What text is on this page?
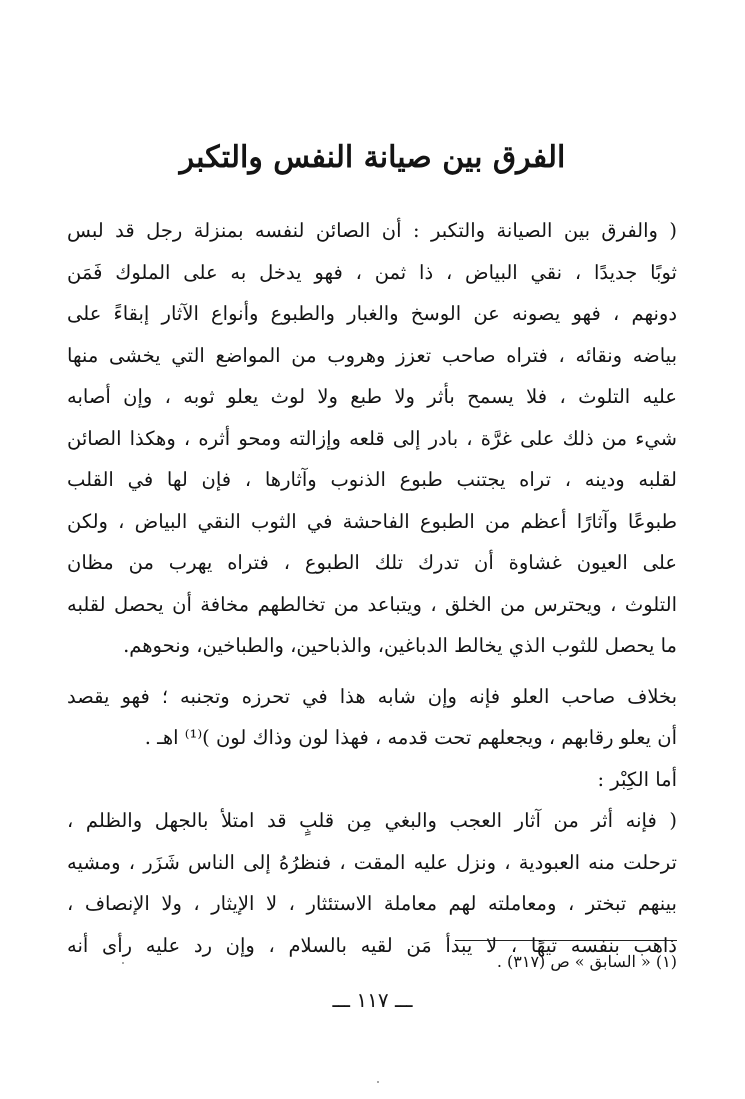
الفرق بين صيانة النفس والتكبر
( والفرق بين الصيانة والتكبر : أن الصائن لنفسه بمنزلة رجل قد لبس
ثوبًا جديدًا ، نقي البياض ، ذا ثمن ، فهو يدخل به على الملوك فَمَن
دونهم ، فهو يصونه عن الوسخ والغبار والطبوع وأنواع الآثار إبقاءً على
بياضه ونقائه ، فتراه صاحب تعزز وهروب من المواضع التي يخشى منها
عليه التلوث ، فلا يسمح بأثر ولا طبع ولا لوث يعلو ثوبه ، وإن أصابه
شيء من ذلك على غرَّة ، بادر إلى قلعه وإزالته ومحو أثره ، وهكذا الصائن
لقلبه ودينه ، تراه يجتنب طبوع الذنوب وآثارها ، فإن لها في القلب
طبوعًا وآثارًا أعظم من الطبوع الفاحشة في الثوب النقي البياض ، ولكن
على العيون غشاوة أن تدرك تلك الطبوع ، فتراه يهرب من مظان
التلوث ، ويحترس من الخلق ، ويتباعد من تخالطهم مخافة أن يحصل لقلبه
ما يحصل للثوب الذي يخالط الدباغين، والذباحين، والطباخين، ونحوهم.
بخلاف صاحب العلو فإنه وإن شابه هذا في تحرزه وتجنبه ؛ فهو يقصد
أن يعلو رقابهم ، ويجعلهم تحت قدمه ، فهذا لون وذاك لون )⁽¹⁾ اهـ .
أما الكِبْر :
( فإنه أثر من آثار العجب والبغي مِن قلبٍ قد امتلأ بالجهل والظلم ،
ترحلت منه العبودية ، ونزل عليه المقت ، فنظرُهُ إلى الناس شَزَر ، ومشيه
بينهم تبختر ، ومعاملته لهم معاملة الاستئثار ، لا الإيثار ، ولا الإنصاف ،
ذاهب بنفسه تيهًا ، لا يبدأ مَن لقيه بالسلام ، وإن رد عليه رأى أنه
(١) « السابق » ص (٣١٧) .
ـــ ١١٧ ـــ
